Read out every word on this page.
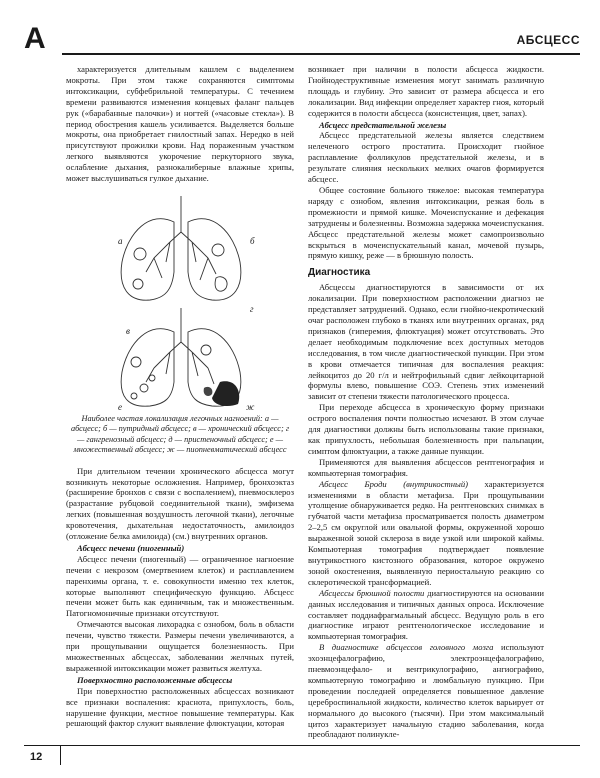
А	АБСЦЕСС

характеризуется длительным кашлем с выделением мокроты. При этом также сохраняются симптомы интоксикации, субфебрильной температуры. С течением времени развиваются изменения концевых фаланг пальцев рук («барабанные палочки») и ногтей («часовые стекла»). В период обострения кашель усиливается. Выделяется больше мокроты, она приобретает гнилостный запах. Нередко в ней присутствуют прожилки крови. Над пораженным участком легкого выявляются укорочение перкуторного звука, ослабление дыхания, разнокалиберные влажные хрипы, может выслушиваться гулкое дыхание.

а	б
г
в
е	ж
Наиболее частая локализация легочных нагноений: а — абсцесс; б — путридный абсцесс; в — хронический абсцесс; г — гангренозный абсцесс; д — пристеночный абсцесс; е — множественный абсцесс; ж — пиопневматический абсцесс

При длительном течении хронического абсцесса могут возникнуть некоторые осложнения. Например, бронхоэктаз (расширение бронхов с связи с воспалением), пневмосклероз (разрастание рубцовой соединительной ткани), эмфизема легких (повышенная воздушность легочной ткани), легочные кровотечения, дыхательная недостаточность, амилоидоз (отложение белка амилоида) (см.) внутренних органов.

Абсцесс печени (пиогенный)

Абсцесс печени (пиогенный) — ограниченное нагноение печени с некрозом (омертвением клеток) и расплавлением паренхимы органа, т. е. совокупности именно тех клеток, которые выполняют специфическую функцию. Абсцесс печени может быть как единичным, так и множественным. Патогномоничные признаки отсутствуют.

Отмечаются высокая лихорадка с ознобом, боль в области печени, чувство тяжести. Размеры печени увеличиваются, а при прощупывании ощущается болезненность. При множественных абсцессах, заболевании желчных путей, выраженной интоксикации может развиться желтуха.

Поверхностно расположенные абсцессы

При поверхностно расположенных абсцессах возникают все признаки воспаления: краснота, припухлость, боль, нарушение функции, местное повышение температуры. Как решающий фактор служит выявление флюктуации, которая

возникает при наличии в полости абсцесса жидкости. Гнойнодеструктивные изменения могут занимать различную площадь и глубину. Это зависит от размера абсцесса и его локализации. Вид инфекции определяет характер гноя, который содержится в полости абсцесса (консистенция, цвет, запах).

Абсцесс предстательной железы

Абсцесс предстательной железы является следствием нелеченого острого простатита. Происходит гнойное расплавление фолликулов предстательной железы, и в результате слияния нескольких мелких очагов формируется абсцесс.

Общее состояние больного тяжелое: высокая температура наряду с ознобом, явления интоксикации, резкая боль в промежности и прямой кишке. Мочеиспускание и дефекация затруднены и болезненны. Возможна задержка мочеиспускания. Абсцесс предстательной железы может самопроизвольно вскрыться в мочеиспускательный канал, мочевой пузырь, прямую кишку, реже — в брюшную полость.

Диагностика

Абсцессы диагностируются в зависимости от их локализации. При поверхностном расположении диагноз не представляет затруднений. Однако, если гнойно-некротический очаг расположен глубоко в тканях или внутренних органах, ряд признаков (гиперемия, флюктуация) может отсутствовать. Это делает необходимым подключение всех доступных методов исследования, в том числе диагностической пункции. При этом в крови отмечается типичная для воспаления реакция: лейкоцитоз до 20 г/л и нейтрофильный сдвиг лейкоцитарной формулы влево, повышение СОЭ. Степень этих изменений зависит от степени тяжести патологического процесса.

При переходе абсцесса в хроническую форму признаки острого воспаления почти полностью исчезают. В этом случае для диагностики должны быть использованы такие признаки, как припухлость, небольшая болезненность при пальпации, симптом флюктуации, а также данные пункции.

Применяются для выявления абсцессов рентгенография и компьютерная томография.

Абсцесс Броди (внутрикостный) характеризуется изменениями в области метафиза. При прощупывании утолщение обнаруживается редко. На рентгеновских снимках в губчатой части метафиза просматривается полость диаметром 2–2,5 см округлой или овальной формы, окруженной хорошо выраженной зоной склероза в виде узкой или широкой каймы. Компьютерная томография подтверждает появление внутрикостного кистозного образования, которое окружено зоной окостенения, выявленную периостальную реакцию со склеротической трансформацией.

Абсцессы брюшной полости диагностируются на основании данных исследования и типичных данных опроса. Исключение составляет поддиафрагмальный абсцесс. Ведущую роль в его диагностике играют рентгенологическое исследование и компьютерная томография.

В диагностике абсцессов головного мозга используют эхоэнцефалографию, электроэнцефалографию, пневмоэнцефало- и вентрикулографию, ангиографию, компьютерную томографию и люмбальную пункцию. При проведении последней определяется повышенное давление цереброспинальной жидкости, количество клеток варьирует от нормального до высокого (тысячи). При этом максимальный цитоз характеризует начальную стадию заболевания, когда преобладают полинукле-

12
